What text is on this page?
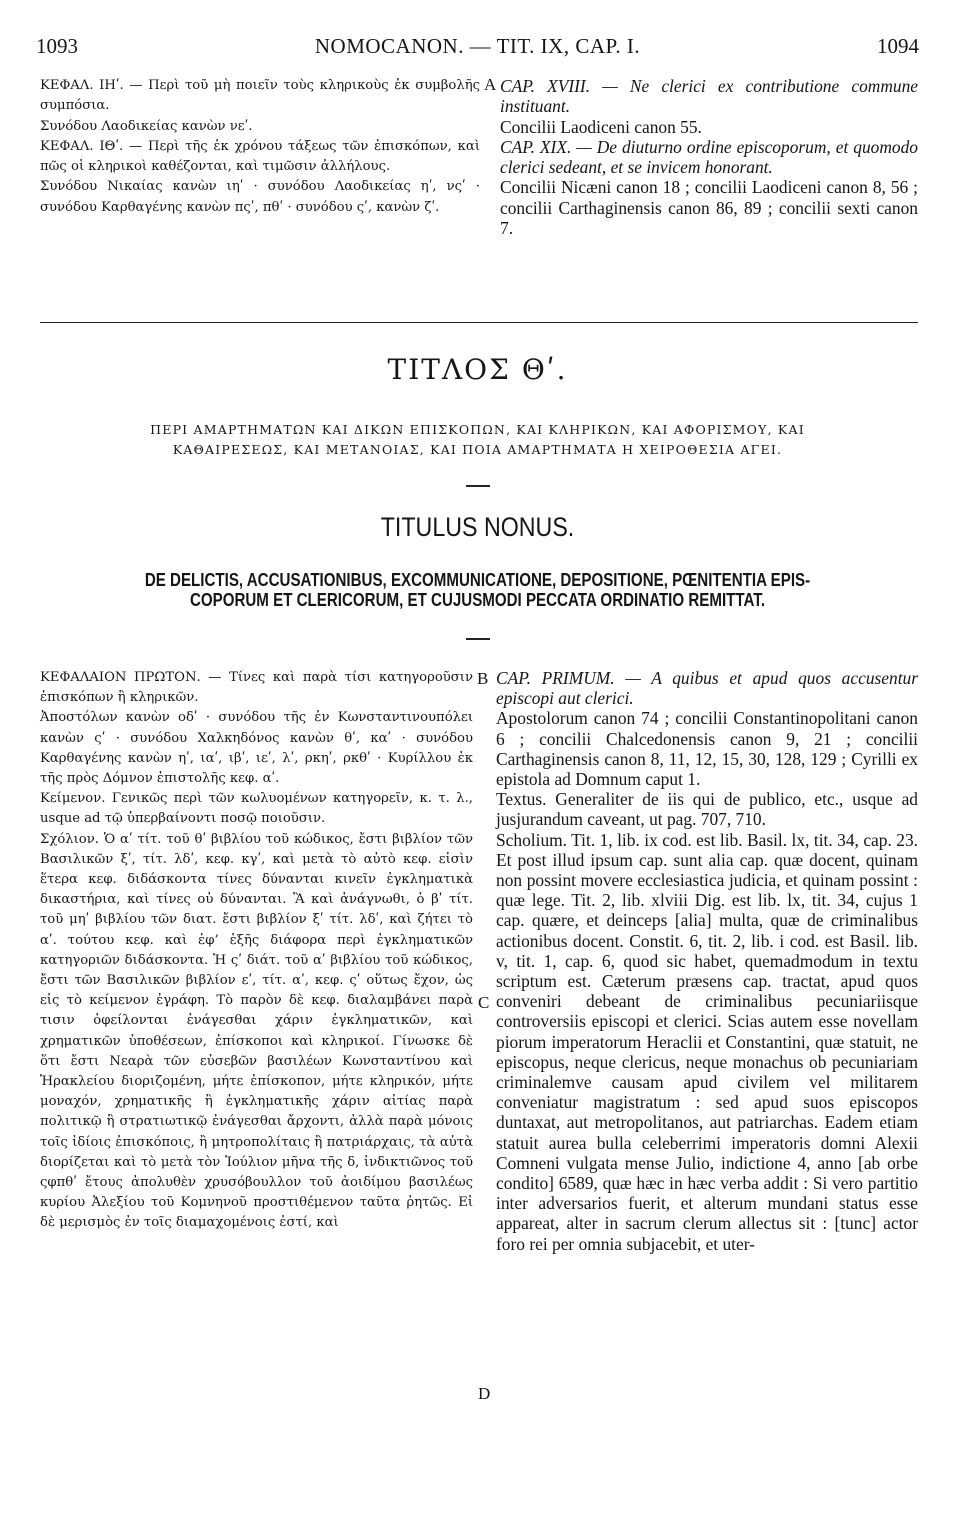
1093	NOMOCANON. — TIT. IX, CAP. I.	1094

ΚΕΦΑΛ. ΙΗʹ. — Περὶ τοῦ μὴ ποιεῖν τοὺς κληρικοὺς ἐκ συμβολῆς συμπόσια.

Συνόδου Λαοδικείας κανὼν νεʹ.

ΚΕΦΑΛ. ΙΘʹ. — Περὶ τῆς ἐκ χρόνου τάξεως τῶν ἐπισκόπων, καὶ πῶς οἱ κληρικοὶ καθέζονται, καὶ τιμῶσιν ἀλλήλους.

Συνόδου Νικαίας κανὼν ιηʹ · συνόδου Λαοδικείας ηʹ, νςʹ · συνόδου Καρθαγένης κανὼν πςʹ, πθʹ · συνόδου ςʹ, κανὼν ζʹ.

A CAP. XVIII. — Ne clerici ex contributione commune instituant.

Concilii Laodiceni canon 55.

CAP. XIX. — De diuturno ordine episcoporum, et quomodo clerici sedeant, et se invicem honorant.

Concilii Nicæni canon 18 ; concilii Laodiceni canon 8, 56 ; concilii Carthaginensis canon 86, 89 ; concilii sexti canon 7.

ΤΙΤΛΟΣ Θʹ.

ΠΕΡΙ ΑΜΑΡΤΗΜΑΤΩΝ ΚΑΙ ΔΙΚΩΝ ΕΠΙΣΚΟΠΩΝ, ΚΑΙ ΚΛΗΡΙΚΩΝ, ΚΑΙ ΑΦΟΡΙΣΜΟΥ, ΚΑΙ

ΚΑΘΑΙΡΕΣΕΩΣ, ΚΑΙ ΜΕΤΑΝΟΙΑΣ, ΚΑΙ ΠΟΙΑ ΑΜΑΡΤΗΜΑΤΑ Η ΧΕΙΡΟΘΕΣΙΑ ΑΓΕΙ.

TITULUS NONUS.

DE DELICTIS, ACCUSATIONIBUS, EXCOMMUNICATIONE, DEPOSITIONE, PŒNITENTIA EPIS-

COPORUM ET CLERICORUM, ET CUJUSMODI PECCATA ORDINATIO REMITTAT.

ΚΕΦΑΛΑΙΟΝ ΠΡΩΤΟΝ. — Τίνες καὶ παρὰ τίσι κατηγοροῦσιν ἐπισκόπων ἢ κληρικῶν.

Ἀποστόλων κανὼν οδʹ · συνόδου τῆς ἐν Κωνσταντινουπόλει κανὼν ςʹ · συνόδου Χαλκηδόνος κανὼν θʹ, καʹ · συνόδου Καρθαγένης κανὼν ηʹ, ιαʹ, ιβʹ, ιεʹ, λʹ, ρκηʹ, ρκθʹ · Κυρίλλου ἐκ τῆς πρὸς Δόμνον ἐπιστολῆς κεφ. αʹ.

Κείμενον. Γενικῶς περὶ τῶν κωλυομένων κατηγορεῖν, κ. τ. λ., usque ad τῷ ὑπερβαίνοντι ποσῷ ποιοῦσιν.

Σχόλιον. Ὁ αʹ τίτ. τοῦ θʹ βιβλίου τοῦ κώδικος, ἔστι βιβλίον τῶν Βασιλικῶν ξʹ, τίτ. λδʹ, κεφ. κγʹ, καὶ μετὰ τὸ αὐτὸ κεφ. εἰσὶν ἕτερα κεφ. διδάσκοντα τίνες δύνανται κινεῖν ἐγκληματικὰ δικαστήρια, καὶ τίνες οὐ δύνανται. Ἃ καὶ ἀνάγνωθι, ὁ βʹ τίτ. τοῦ μηʹ βιβλίου τῶν διατ. ἔστι βιβλίον ξʹ τίτ. λδʹ, καὶ ζήτει τὸ αʹ. τούτου κεφ. καὶ ἐφ’ ἑξῆς διάφορα περὶ ἐγκληματικῶν κατηγοριῶν διδάσκοντα. Ἡ ςʹ διάτ. τοῦ αʹ βιβλίου τοῦ κώδικος, ἔστι τῶν Βασιλικῶν βιβλίον εʹ, τίτ. αʹ, κεφ. ςʹ οὕτως ἔχον, ὡς εἰς τὸ κείμενον ἐγράφη. Τὸ παρὸν δὲ κεφ. διαλαμβάνει παρὰ τισιν ὀφείλονται ἐνάγεσθαι χάριν ἐγκληματικῶν, καὶ χρηματικῶν ὑποθέσεων, ἐπίσκοποι καὶ κληρικοί. Γίνωσκε δὲ ὅτι ἔστι Νεαρὰ τῶν εὐσεβῶν βασιλέων Κωνσταντίνου καὶ Ἡρακλείου διοριζομένη, μήτε ἐπίσκοπον, μήτε κληρικόν, μήτε μοναχόν, χρηματικῆς ἢ ἐγκληματικῆς χάριν αἰτίας παρὰ πολιτικῷ ἢ στρατιωτικῷ ἐνάγεσθαι ἄρχοντι, ἀλλὰ παρὰ μόνοις τοῖς ἰδίοις ἐπισκόποις, ἢ μητροπολίταις ἢ πατριάρχαις, τὰ αὐτὰ διορίζεται καὶ τὸ μετὰ τὸν Ἰούλιον μῆνα τῆς δ, ἰνδικτιῶνος τοῦ ςφπθʹ ἔτους ἀπολυθὲν χρυσόβουλλον τοῦ ἀοιδίμου βασιλέως κυρίου Ἀλεξίου τοῦ Κομνηνοῦ προστιθέμενον ταῦτα ῥητῶς. Εἰ δὲ μερισμὸς ἐν τοῖς διαμαχομένοις ἐστί, καὶ

B
C
D

CAP. PRIMUM. — A quibus et apud quos accusentur episcopi aut clerici.

Apostolorum canon 74 ; concilii Constantinopolitani canon 6 ; concilii Chalcedonensis canon 9, 21 ; concilii Carthaginensis canon 8, 11, 12, 15, 30, 128, 129 ; Cyrilli ex epistola ad Domnum caput 1.

Textus. Generaliter de iis qui de publico, etc., usque ad jusjurandum caveant, ut pag. 707, 710.

Scholium. Tit. 1, lib. ix cod. est lib. Basil. lx, tit. 34, cap. 23. Et post illud ipsum cap. sunt alia cap. quæ docent, quinam non possint movere ecclesiastica judicia, et quinam possint : quæ lege. Tit. 2, lib. xlviii Dig. est lib. lx, tit. 34, cujus 1 cap. quære, et deinceps [alia] multa, quæ de criminalibus actionibus docent. Constit. 6, tit. 2, lib. i cod. est Basil. lib. v, tit. 1, cap. 6, quod sic habet, quemadmodum in textu scriptum est. Cæterum præsens cap. tractat, apud quos conveniri debeant de criminalibus pecuniariisque controversiis episcopi et clerici. Scias autem esse novellam piorum imperatorum Heraclii et Constantini, quæ statuit, ne episcopus, neque clericus, neque monachus ob pecuniariam criminalemve causam apud civilem vel militarem conveniatur magistratum : sed apud suos episcopos duntaxat, aut metropolitanos, aut patriarchas. Eadem etiam statuit aurea bulla celeberrimi imperatoris domni Alexii Comneni vulgata mense Julio, indictione 4, anno [ab orbe condito] 6589, quæ hæc in hæc verba addit : Si vero partitio inter adversarios fuerit, et alterum mundani status esse appareat, alter in sacrum clerum allectus sit : [tunc] actor foro rei per omnia subjacebit, et uter-
